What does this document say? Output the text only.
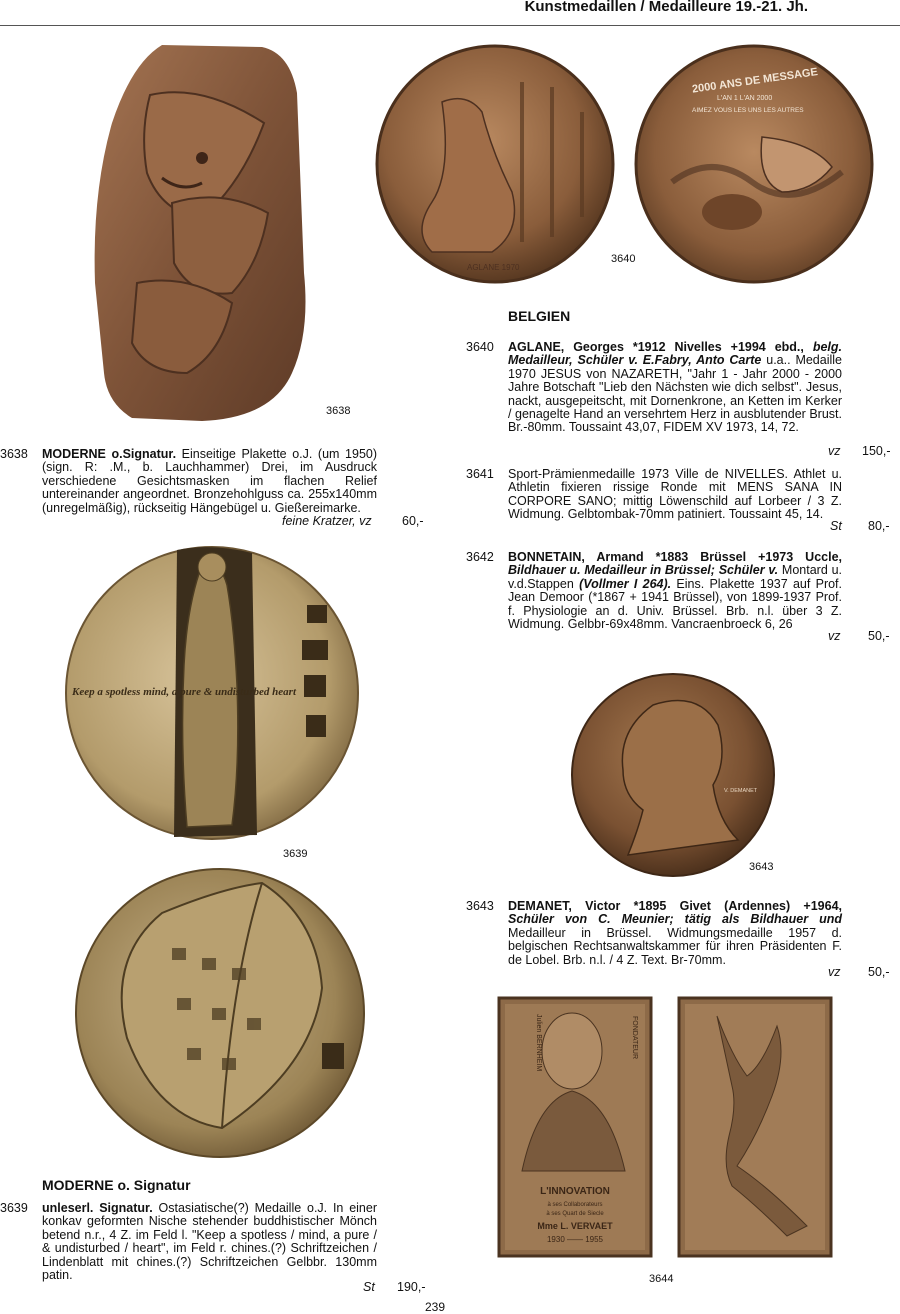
Kunstmedaillen / Medailleure 19.-21. Jh.
3638
AGLANE 1970
2000 ANS DE MESSAGE
L'AN 1 L'AN 2000
AIMEZ VOUS LES UNS LES AUTRES
3640
BELGIEN
3638 MODERNE o.Signatur. Einseitige Plakette o.J. (um 1950) (sign. R: .M., b. Lauchhammer) Drei, im Ausdruck verschiedene Gesichtsmasken im flachen Relief untereinander angeordnet. Bronzehohlguss ca. 255x140mm (unregelmäßig), rückseitig Hängebügel u. Gießereimarke.
feine Kratzer, vz 60,-
3640 AGLANE, Georges *1912 Nivelles +1994 ebd., belg. Medailleur, Schüler v. E.Fabry, Anto Carte u.a.. Medaille 1970 JESUS von NAZARETH, "Jahr 1 - Jahr 2000 - 2000 Jahre Botschaft "Lieb den Nächsten wie dich selbst". Jesus, nackt, ausgepeitscht, mit Dornenkrone, an Ketten im Kerker / genagelte Hand an versehrtem Herz in ausblutender Brust. Br.-80mm. Toussaint 43,07, FIDEM XV 1973, 14, 72.
vz 150,-
3641 Sport-Prämienmedaille 1973 Ville de NIVELLES. Athlet u. Athletin fixieren rissige Ronde mit MENS SANA IN CORPORE SANO; mittig Löwenschild auf Lorbeer / 3 Z. Widmung. Gelbtombak-70mm patiniert. Toussaint 45, 14.
St 80,-
3642 BONNETAIN, Armand *1883 Brüssel +1973 Uccle, Bildhauer u. Medailleur in Brüssel; Schüler v. Montard u. v.d.Stappen (Vollmer I 264). Eins. Plakette 1937 auf Prof. Jean Demoor (*1867 + 1941 Brüssel), von 1899-1937 Prof. f. Physiologie an d. Univ. Brüssel. Brb. n.l. über 3 Z. Widmung. Gelbbr-69x48mm. Vancraenbroeck 6, 26
vz 50,-
Keep a spotless mind, a pure & undisturbed heart
3639
V. DEMANET
3643
3643 DEMANET, Victor *1895 Givet (Ardennes) +1964, Schüler von C. Meunier; tätig als Bildhauer und Medailleur in Brüssel. Widmungsmedaille 1957 d. belgischen Rechtsanwaltskammer für ihren Präsidenten F. de Lobel. Brb. n.l. / 4 Z. Text. Br-70mm.
vz 50,-
Julien BERNHEIM	FONDATEUR
L'INNOVATION
à ses Collaborateurs
à ses Quart de Siecle
Mme L. VERVAET
1930 —— 1955
3644
MODERNE o. Signatur
3639 unleserl. Signatur. Ostasiatische(?) Medaille o.J. In einer konkav geformten Nische stehender buddhistischer Mönch betend n.r., 4 Z. im Feld l. "Keep a spotless / mind, a pure / & undisturbed / heart", im Feld r. chines.(?) Schriftzeichen / Lindenblatt mit chines.(?) Schriftzeichen Gelbbr. 130mm patin.
St 190,-
239
